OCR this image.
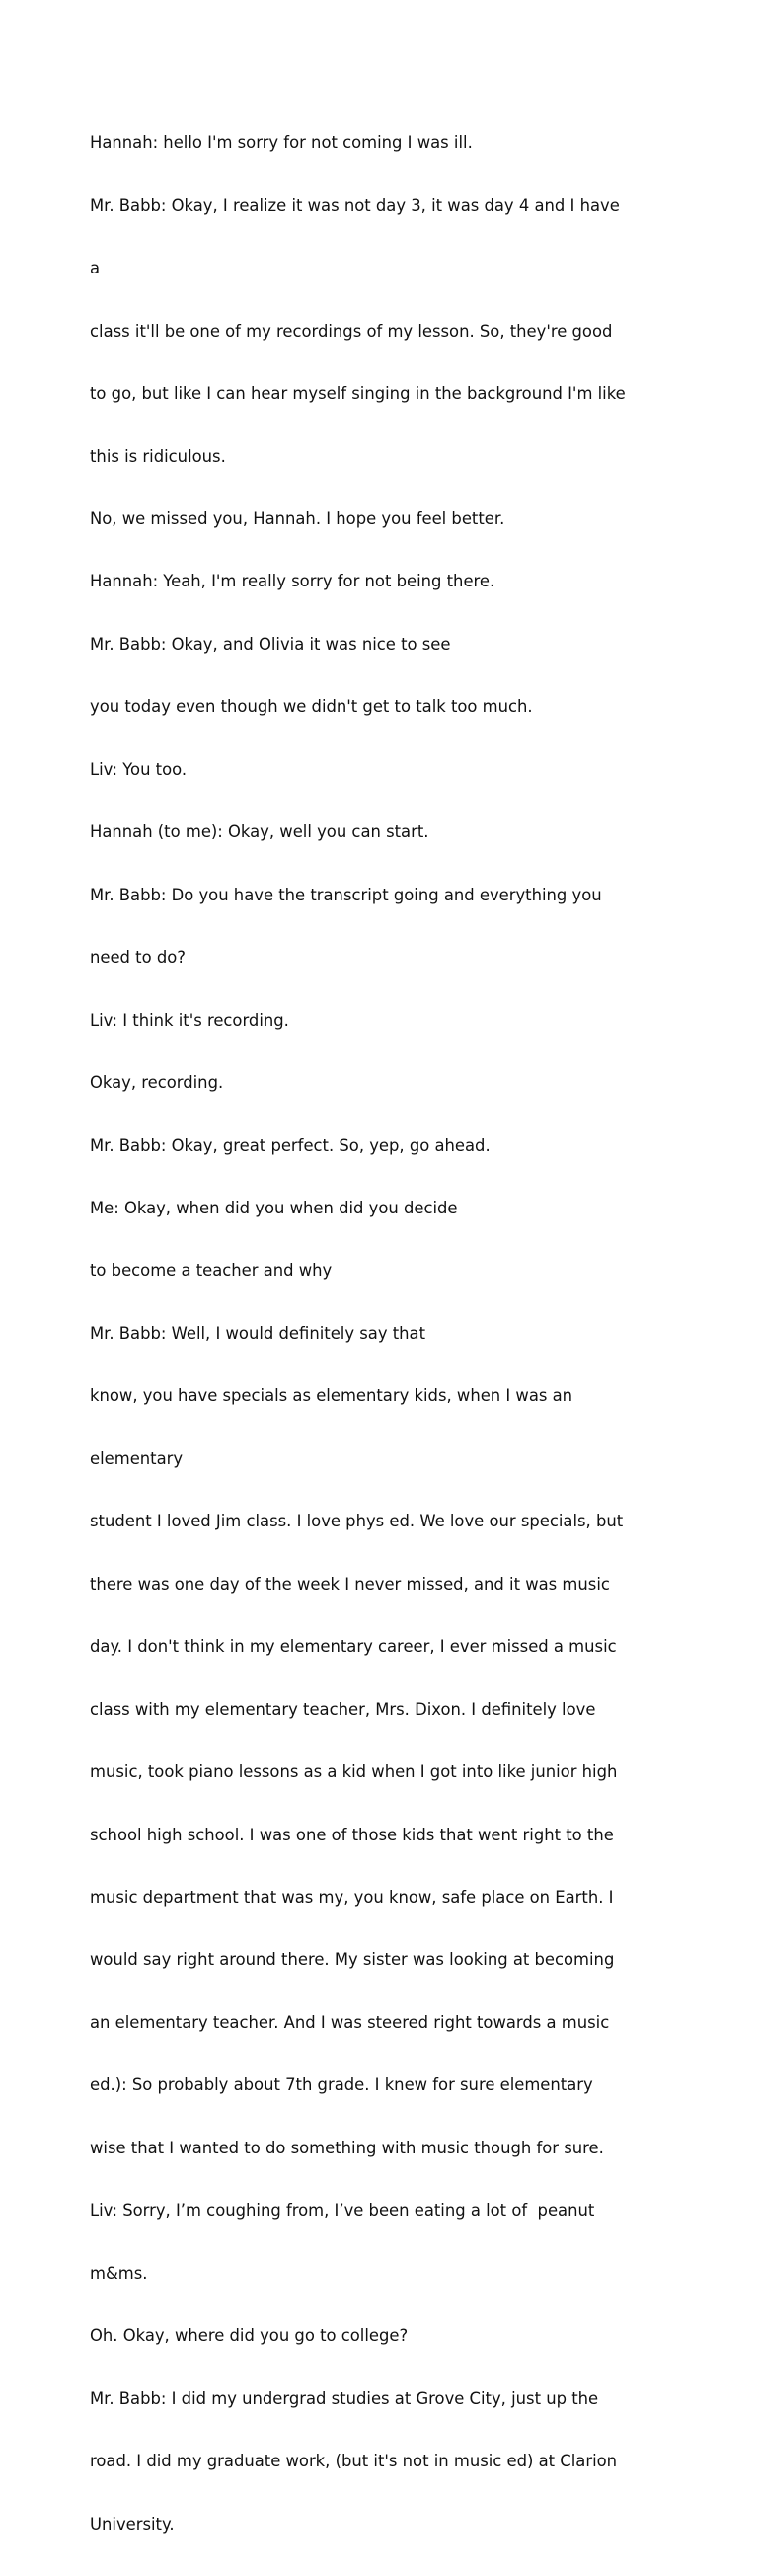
Hannah: hello I'm sorry for not coming I was ill.

Mr. Babb: Okay, I realize it was not day 3, it was day 4 and I have

a

class it'll be one of my recordings of my lesson. So, they're good

to go, but like I can hear myself singing in the background I'm like

this is ridiculous.

No, we missed you, Hannah. I hope you feel better.

Hannah: Yeah, I'm really sorry for not being there.

Mr. Babb: Okay, and Olivia it was nice to see

you today even though we didn't get to talk too much.

Liv: You too.

Hannah (to me): Okay, well you can start.

Mr. Babb: Do you have the transcript going and everything you

need to do?

Liv: I think it's recording.

Okay, recording.

Mr. Babb: Okay, great perfect. So, yep, go ahead.

Me: Okay, when did you when did you decide

to become a teacher and why

Mr. Babb: Well, I would definitely say that

know, you have specials as elementary kids, when I was an

elementary

student I loved Jim class. I love phys ed. We love our specials, but

there was one day of the week I never missed, and it was music

day. I don't think in my elementary career, I ever missed a music

class with my elementary teacher, Mrs. Dixon. I definitely love

music, took piano lessons as a kid when I got into like junior high

school high school. I was one of those kids that went right to the

music department that was my, you know, safe place on Earth. I

would say right around there. My sister was looking at becoming

an elementary teacher. And I was steered right towards a music

ed.): So probably about 7th grade. I knew for sure elementary

wise that I wanted to do something with music though for sure.

Liv: Sorry, I’m coughing from, I’ve been eating a lot of  peanut

m&ms.

Oh. Okay, where did you go to college?

Mr. Babb: I did my undergrad studies at Grove City, just up the

road. I did my graduate work, (but it's not in music ed) at Clarion

University.
